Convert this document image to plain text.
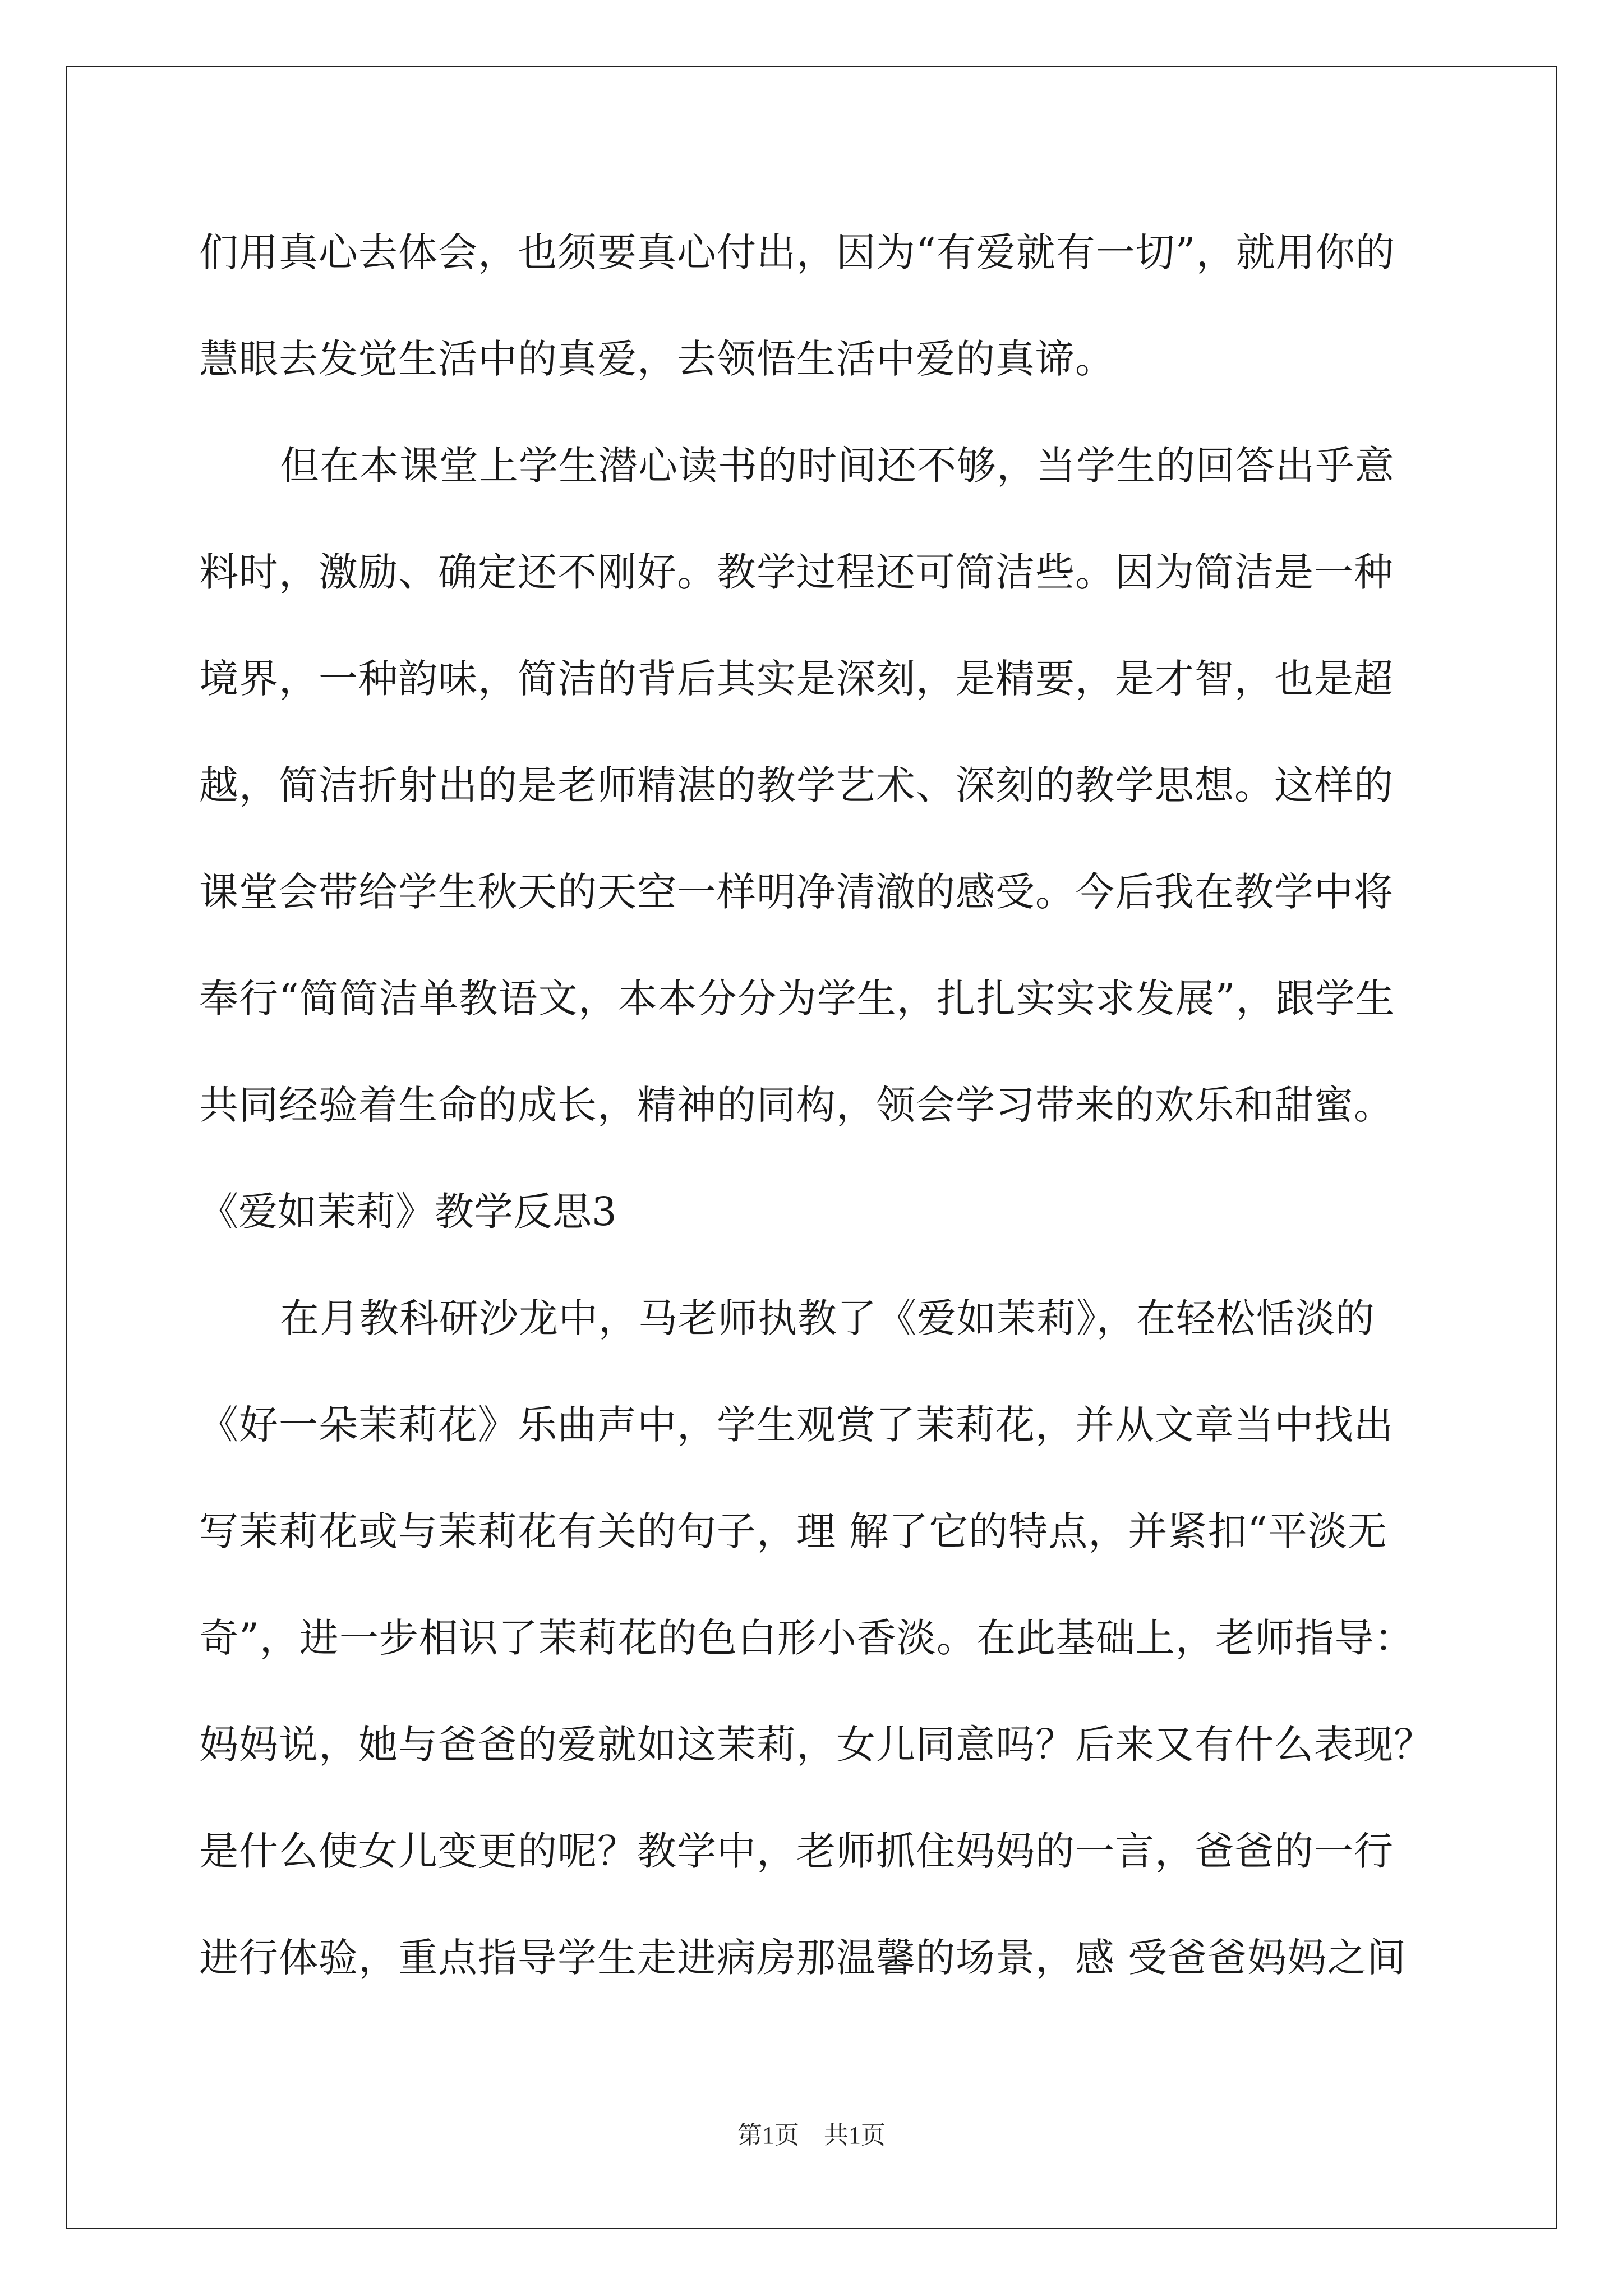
们用真心去体会，也须要真心付出，因为“有爱就有一切”，就用你的
慧眼去发觉生活中的真爱，去领悟生活中爱的真谛。
但在本课堂上学生潜心读书的时间还不够，当学生的回答出乎意
料时，激励、确定还不刚好。教学过程还可简洁些。因为简洁是一种
境界，一种韵味，简洁的背后其实是深刻，是精要，是才智，也是超
越，简洁折射出的是老师精湛的教学艺术、深刻的教学思想。这样的
课堂会带给学生秋天的天空一样明净清澈的感受。今后我在教学中将
奉行“简简洁单教语文，本本分分为学生，扎扎实实求发展”，跟学生
共同经验着生命的成长，精神的同构，领会学习带来的欢乐和甜蜜。
《爱如茉莉》教学反思3
在月教科研沙龙中，马老师执教了《爱如茉莉》，在轻松恬淡的
《好一朵茉莉花》乐曲声中，学生观赏了茉莉花，并从文章当中找出
写茉莉花或与茉莉花有关的句子，理 解了它的特点，并紧扣“平淡无
奇”，进一步相识了茉莉花的色白形小香淡。在此基础上，老师指导：
妈妈说，她与爸爸的爱就如这茉莉，女儿同意吗？后来又有什么表现？
是什么使女儿变更的呢？教学中，老师抓住妈妈的一言，爸爸的一行
进行体验，重点指导学生走进病房那温馨的场景，感 受爸爸妈妈之间
第1页　共1页
